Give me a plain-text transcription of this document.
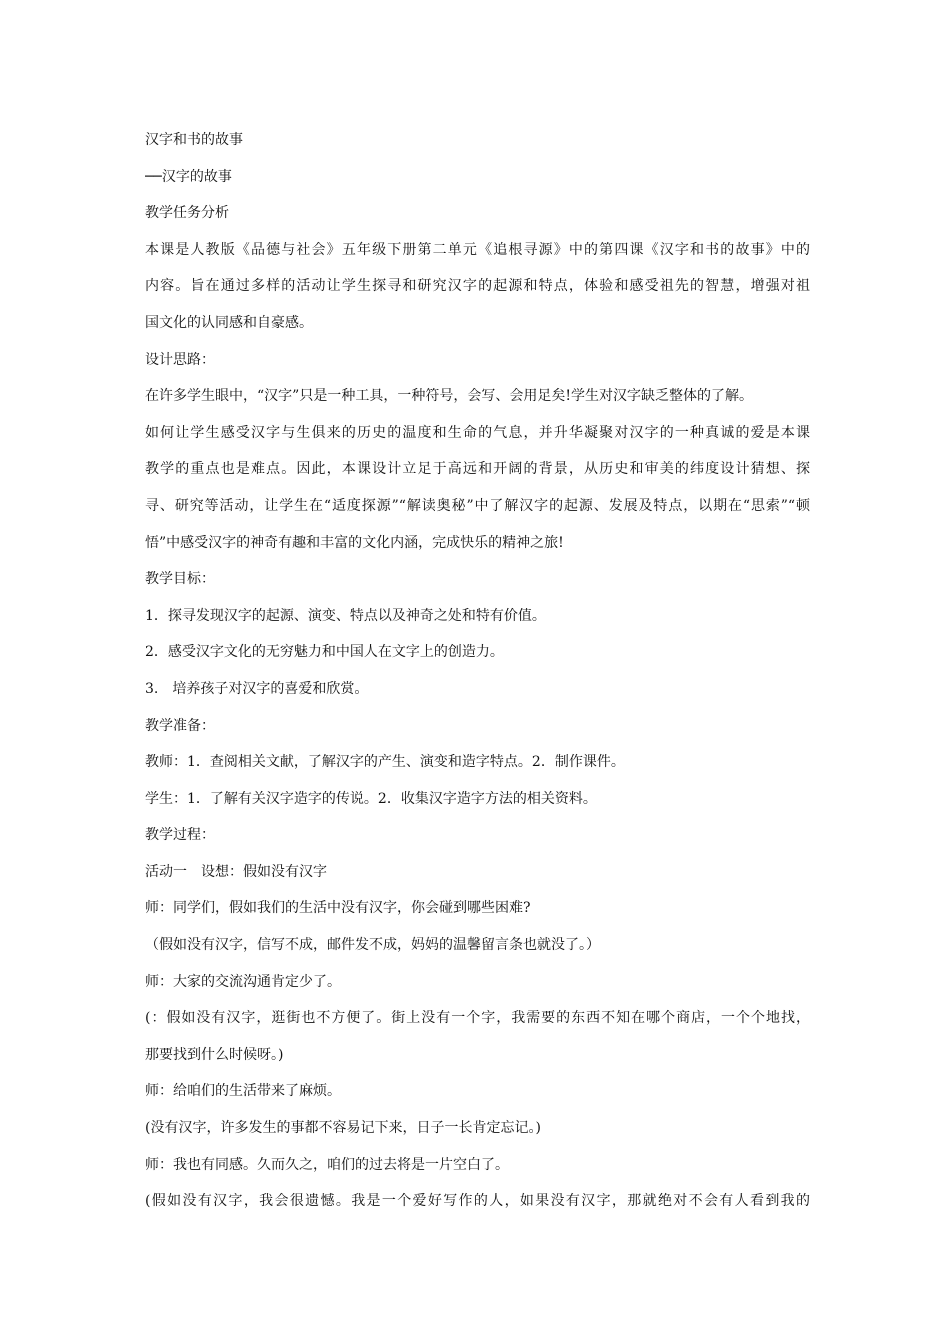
汉字和书的故事
──汉字的故事
教学任务分析
本课是人教版《品德与社会》五年级下册第二单元《追根寻源》中的第四课《汉字和书的故事》中的
内容。旨在通过多样的活动让学生探寻和研究汉字的起源和特点，体验和感受祖先的智慧，增强对祖
国文化的认同感和自豪感。
设计思路：
在许多学生眼中，“汉字”只是一种工具，一种符号，会写、会用足矣!学生对汉字缺乏整体的了解。
如何让学生感受汉字与生俱来的历史的温度和生命的气息，并升华凝聚对汉字的一种真诚的爱是本课
教学的重点也是难点。因此，本课设计立足于高远和开阔的背景，从历史和审美的纬度设计猜想、探
寻、研究等活动，让学生在“适度探源”“解读奥秘”中了解汉字的起源、发展及特点，以期在“思索”“顿
悟”中感受汉字的神奇有趣和丰富的文化内涵，完成快乐的精神之旅!
教学目标：
1．探寻发现汉字的起源、演变、特点以及神奇之处和特有价值。
2．感受汉字文化的无穷魅力和中国人在文字上的创造力。
3.　培养孩子对汉字的喜爱和欣赏。
教学准备：
教师：1．查阅相关文献，了解汉字的产生、演变和造字特点。2．制作课件。
学生：1．了解有关汉字造字的传说。2．收集汉字造字方法的相关资料。
教学过程：
活动一　设想：假如没有汉字
师：同学们，假如我们的生活中没有汉字，你会碰到哪些困难?
（假如没有汉字，信写不成，邮件发不成，妈妈的温馨留言条也就没了。）
师：大家的交流沟通肯定少了。
(：假如没有汉字，逛街也不方便了。街上没有一个字，我需要的东西不知在哪个商店，一个个地找，
那要找到什么时候呀。)
师：给咱们的生活带来了麻烦。
(没有汉字，许多发生的事都不容易记下来，日子一长肯定忘记。)
师：我也有同感。久而久之，咱们的过去将是一片空白了。
(假如没有汉字，我会很遗憾。我是一个爱好写作的人，如果没有汉字，那就绝对不会有人看到我的
